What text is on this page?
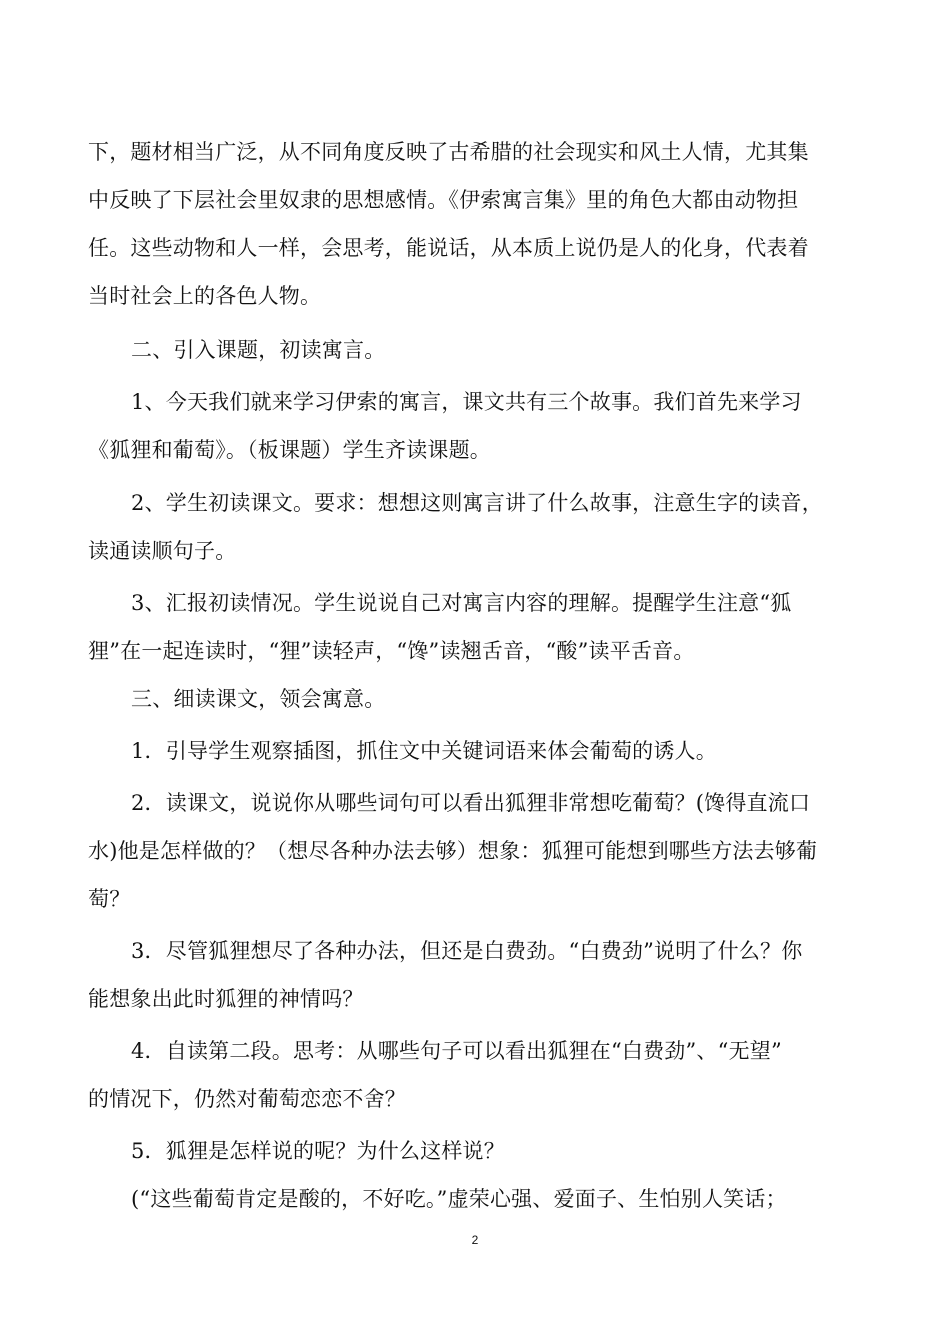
下，题材相当广泛，从不同角度反映了古希腊的社会现实和风土人情，尤其集
中反映了下层社会里奴隶的思想感情。《伊索寓言集》里的角色大都由动物担
任。这些动物和人一样，会思考，能说话，从本质上说仍是人的化身，代表着
当时社会上的各色人物。
二、引入课题，初读寓言。
1、今天我们就来学习伊索的寓言，课文共有三个故事。我们首先来学习
《狐狸和葡萄》。（板课题）学生齐读课题。
2、学生初读课文。要求：想想这则寓言讲了什么故事，注意生字的读音，
读通读顺句子。
3、汇报初读情况。学生说说自己对寓言内容的理解。提醒学生注意“狐
狸”在一起连读时，“狸”读轻声，“馋”读翘舌音，“酸”读平舌音。
三、细读课文，领会寓意。
1．引导学生观察插图，抓住文中关键词语来体会葡萄的诱人。
2．读课文，说说你从哪些词句可以看出狐狸非常想吃葡萄？(馋得直流口
水)他是怎样做的？（想尽各种办法去够）想象：狐狸可能想到哪些方法去够葡
萄？
3．尽管狐狸想尽了各种办法，但还是白费劲。“白费劲”说明了什么？你
能想象出此时狐狸的神情吗？
4．自读第二段。思考：从哪些句子可以看出狐狸在“白费劲”、“无望”
的情况下，仍然对葡萄恋恋不舍？
5．狐狸是怎样说的呢？为什么这样说？
(“这些葡萄肯定是酸的，不好吃。”虚荣心强、爱面子、生怕别人笑话；
2
